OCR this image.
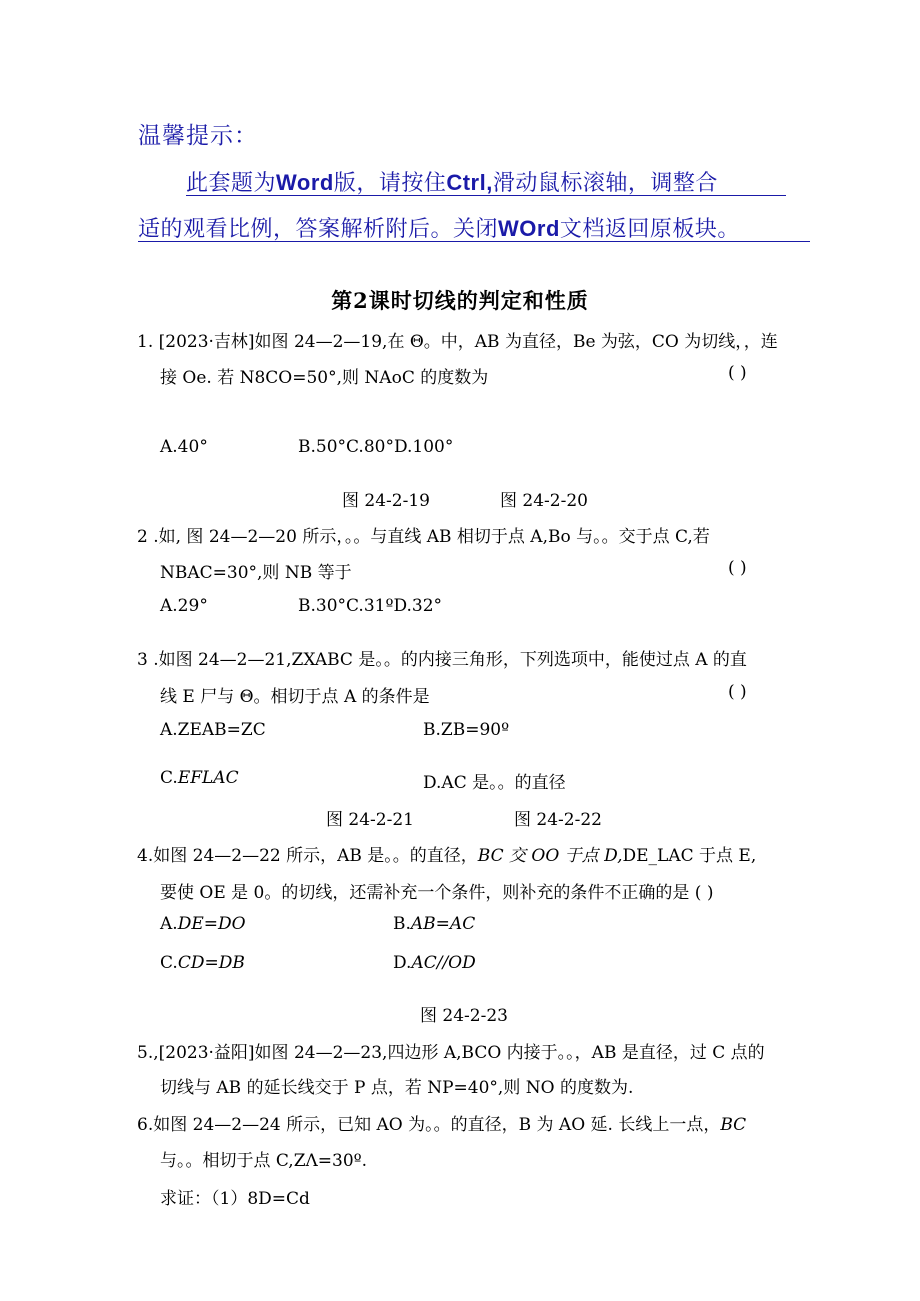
温馨提示：
此套题为Word版，请按住Ctrl,滑动鼠标滚轴，调整合
适的观看比例，答案解析附后。关闭WOrd文档返回原板块。
第2课时切线的判定和性质
1. [2023·吉林]如图 24—2—19,在 Θ。中，AB 为直径，Be 为弦，CO 为切线，，连
接 Oe. 若 N8CO=50°,则 NAoC 的度数为	( )
A.40°	B.50°C.80°D.100°
图 24-2-19	图 24-2-20
2 .如, 图 24—2—20 所示，。。与直线 AB 相切于点 A,Bo 与。。交于点 C,若
NBAC=30°,则 NB 等于	( )
A.29°	B.30°C.31ºD.32°
3 .如图 24—2—21,ZXABC 是。。的内接三角形，下列选项中，能使过点 A 的直
线 E 尸与 Θ。相切于点 A 的条件是	( )
A.ZEAB=ZC	B.ZB=90º
C.EFLAC	D.AC 是。。的直径
图 24-2-21	图 24-2-22
4.如图 24—2—22 所示，AB 是。。的直径，BC 交 OO 于点 D,DE_LAC 于点 E,
要使 OE 是 0。的切线，还需补充一个条件，则补充的条件不正确的是 ( )
A.DE=DO	B.AB=AC
C.CD=DB	D.AC//OD
图 24-2-23
5.,[2023·益阳]如图 24—2—23,四边形 A,BCO 内接于。。，AB 是直径，过 C 点的
切线与 AB 的延长线交于 P 点，若 NP=40°,则 NO 的度数为.
6.如图 24—2—24 所示，已知 AO 为。。的直径，B 为 AO 延. 长线上一点，BC
与。。相切于点 C,ZΛ=30º.
求证：（1）8D=Cd
